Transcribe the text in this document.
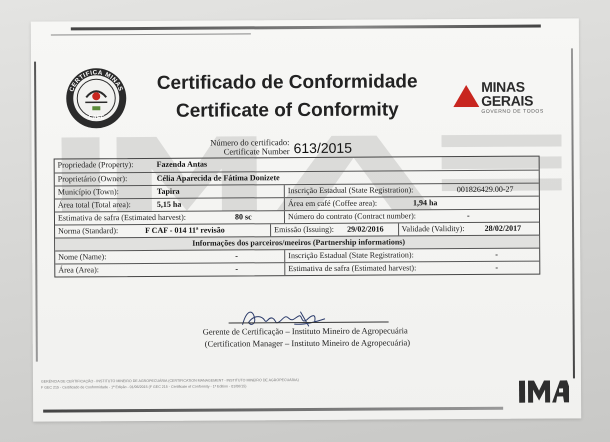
CERTIFICA MINAS
CAFÉ
Certificado de Conformidade
Certificate of Conformity
MINAS
GERAIS
GOVERNO DE TODOS
Número do certificado:
Certificate Number 613/2015
Propriedade (Property):	Fazenda Antas
Proprietário (Owner):	Célia Aparecida de Fátima Donizete
Município (Town):	Tapira	Inscrição Estadual (State Registration):	001826429.00-27
Área total (Total area):	5,15 ha	Área em café (Coffee area):	1,94 ha
Estimativa de safra (Estimated harvest):	80 sc	Número do contrato (Contract number):	-
Norma (Standard):	F CAF - 014 11ª revisão	Emissão (Issuing): 29/02/2016	Validade (Validity):	28/02/2017
Informações dos parceiros/meeiros (Partnership informations)
Nome (Name):	-	Inscrição Estadual (State Registration):	-
Área (Area):	-	Estimativa de safra (Estimated harvest):	-
Gerente de Certificação – Instituto Mineiro de Agropecuária
(Certification Manager – Instituto Mineiro de Agropecuária)
GERÊNCIA DE CERTIFICAÇÃO - INSTITUTO MINEIRO DE AGROPECUÁRIA (CERTIFICATION MANAGEMENT - INSTITUTO MINEIRO DE AGROPECUÁRIA)
F GEC 215 - Certificado de Conformidade - 1ª Edição - 01/06/2015 (F GEC 215 - Certificate of Conformity - 1ª Edition - 01/06/15)
